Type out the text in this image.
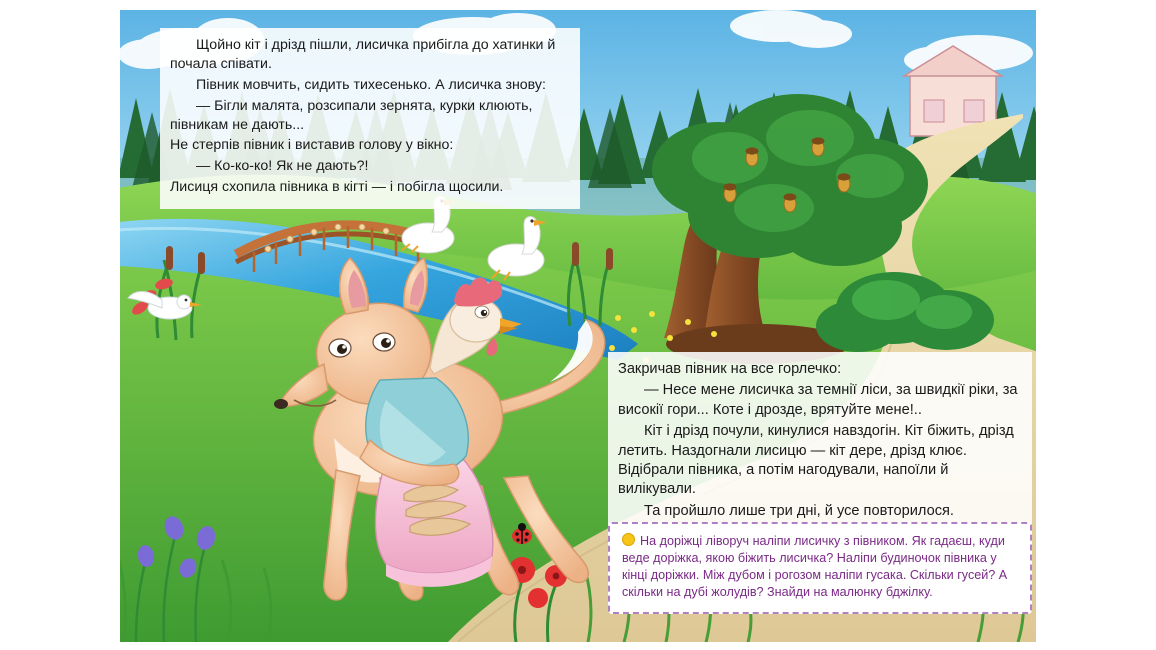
Щойно кіт і дрізд пішли, лисичка прибігла до хатинки й почала співати.

Півник мовчить, сидить тихесенько. А лисичка знову:

— Бігли малята, розсипали зернята, курки клюють, півникам не дають...

Не стерпів півник і виставив голову у вікно:

— Ко-ко-ко! Як не дають?!

Лисиця схопила півника в кігті — і побігла щосили.

Закричав півник на все горлечко:

— Несе мене лисичка за темнії ліси, за швидкії ріки, за високії гори... Коте і дрозде, врятуйте мене!..

Кіт і дрізд почули, кинулися навздогін. Кіт біжить, дрізд летить. Наздогнали лисицю — кіт дере, дрізд клює. Відібрали півника, а потім нагодували, напоїли й вилікували.

Та пройшло лише три дні, й усе повторилося.

На доріжці ліворуч наліпи лисичку з півником. Як гадаєш, куди веде доріжка, якою біжить лисичка? Наліпи будиночок півника у кінці доріжки. Між дубом і рогозом наліпи гусака. Скільки гусей? А скільки на дубі жолудів? Знайди на малюнку бджілку.
